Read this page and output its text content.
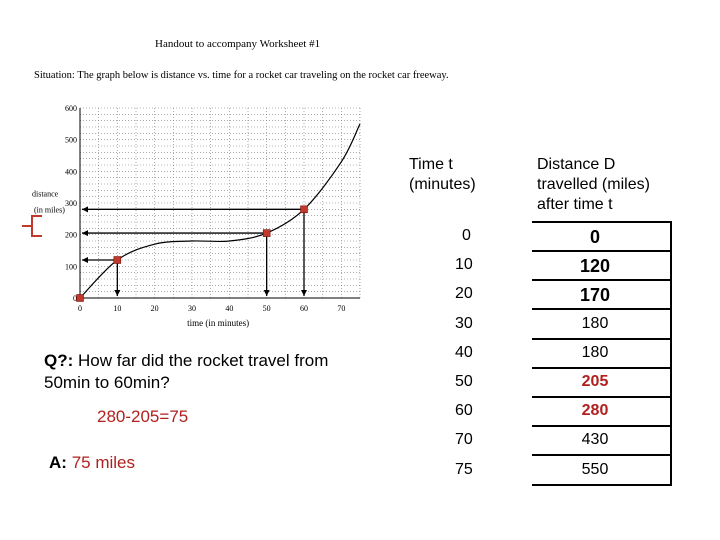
Handout to accompany Worksheet #1
Situation: The graph below is distance vs. time for a rocket car traveling on the rocket car freeway.
0	10	20	30	40	50	60	70
0
100
200
300
400
500
600
time (in minutes)
distance
(in miles)
Time t
(minutes)
Distance D
travelled (miles)
after time t
0	0
10	120
20	170
30	180
40	180
50	205
60	280
70	430
75	550
Q?: How far did the rocket travel from 50min to 60min?
280-205=75
A: 75 miles
